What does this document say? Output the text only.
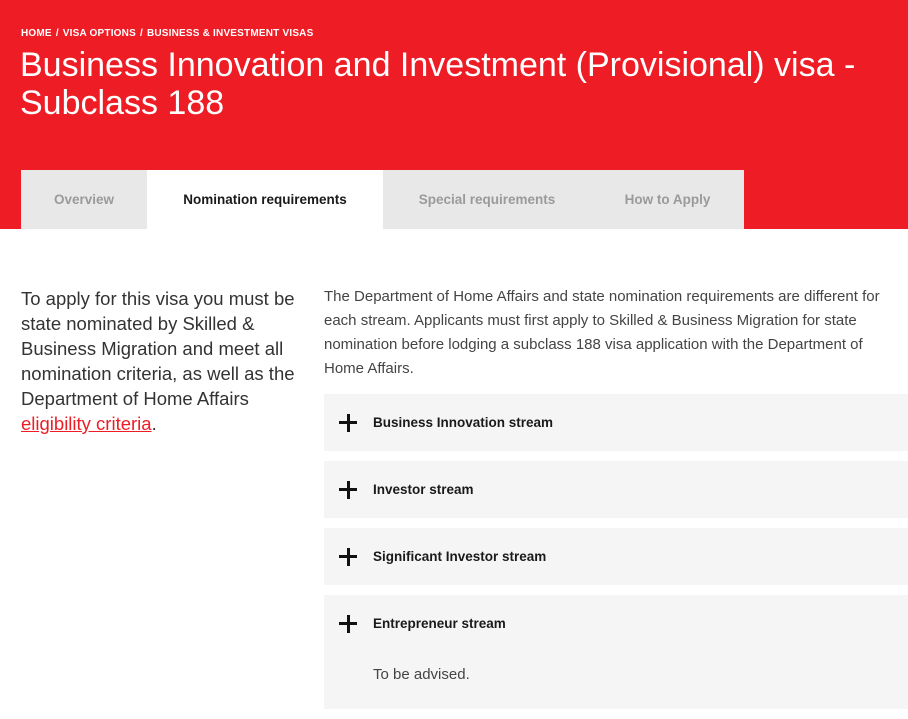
HOME / VISA OPTIONS / BUSINESS & INVESTMENT VISAS
Business Innovation and Investment (Provisional) visa - Subclass 188
Overview	Nomination requirements	Special requirements	How to Apply
To apply for this visa you must be state nominated by Skilled & Business Migration and meet all nomination criteria, as well as the Department of Home Affairs eligibility criteria.

The Department of Home Affairs and state nomination requirements are different for each stream. Applicants must first apply to Skilled & Business Migration for state nomination before lodging a subclass 188 visa application with the Department of Home Affairs.

Business Innovation stream
Investor stream
Significant Investor stream
Entrepreneur stream
To be advised.
